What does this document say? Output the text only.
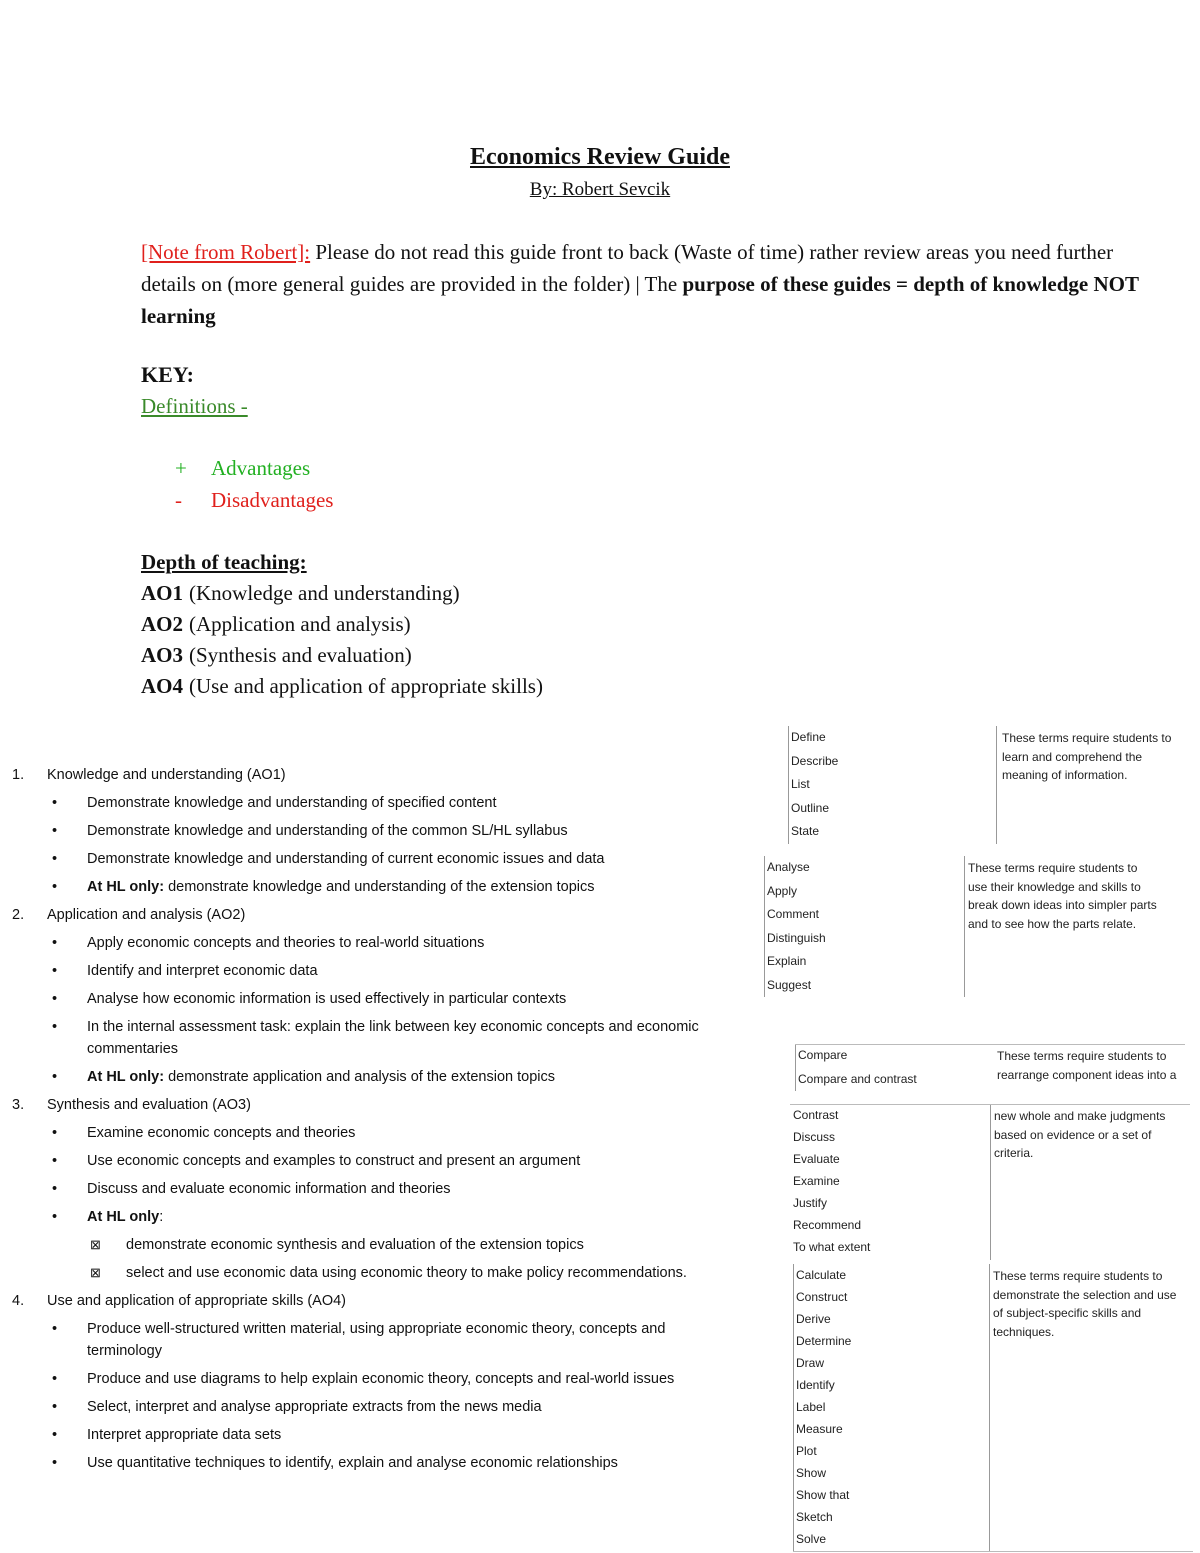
Economics Review Guide
By: Robert Sevcik
[Note from Robert]: Please do not read this guide front to back (Waste of time) rather review areas you need further details on (more general guides are provided in the folder) | The purpose of these guides = depth of knowledge NOT learning
KEY:
Definitions -
+ Advantages
- Disadvantages
Depth of teaching:
AO1 (Knowledge and understanding)
AO2 (Application and analysis)
AO3 (Synthesis and evaluation)
AO4 (Use and application of appropriate skills)
1. Knowledge and understanding (AO1)
• Demonstrate knowledge and understanding of specified content
• Demonstrate knowledge and understanding of the common SL/HL syllabus
• Demonstrate knowledge and understanding of current economic issues and data
• At HL only: demonstrate knowledge and understanding of the extension topics
2. Application and analysis (AO2)
• Apply economic concepts and theories to real-world situations
• Identify and interpret economic data
• Analyse how economic information is used effectively in particular contexts
• In the internal assessment task: explain the link between key economic concepts and economic
commentaries
• At HL only: demonstrate application and analysis of the extension topics
3. Synthesis and evaluation (AO3)
• Examine economic concepts and theories
• Use economic concepts and examples to construct and present an argument
• Discuss and evaluate economic information and theories
• At HL only:
⊠ demonstrate economic synthesis and evaluation of the extension topics
⊠ select and use economic data using economic theory to make policy recommendations.
4. Use and application of appropriate skills (AO4)
• Produce well-structured written material, using appropriate economic theory, concepts and
terminology
• Produce and use diagrams to help explain economic theory, concepts and real-world issues
• Select, interpret and analyse appropriate extracts from the news media
• Interpret appropriate data sets
• Use quantitative techniques to identify, explain and analyse economic relationships
Define
Describe
List
Outline
State
These terms require students to learn and comprehend the meaning of information.
Analyse
Apply
Comment
Distinguish
Explain
Suggest
These terms require students to use their knowledge and skills to break down ideas into simpler parts and to see how the parts relate.
Compare
Compare and contrast
These terms require students to rearrange component ideas into a
Contrast
Discuss
Evaluate
Examine
Justify
Recommend
To what extent
new whole and make judgments based on evidence or a set of criteria.
Calculate
Construct
Derive
Determine
Draw
Identify
Label
Measure
Plot
Show
Show that
Sketch
Solve
These terms require students to demonstrate the selection and use of subject-specific skills and techniques.
